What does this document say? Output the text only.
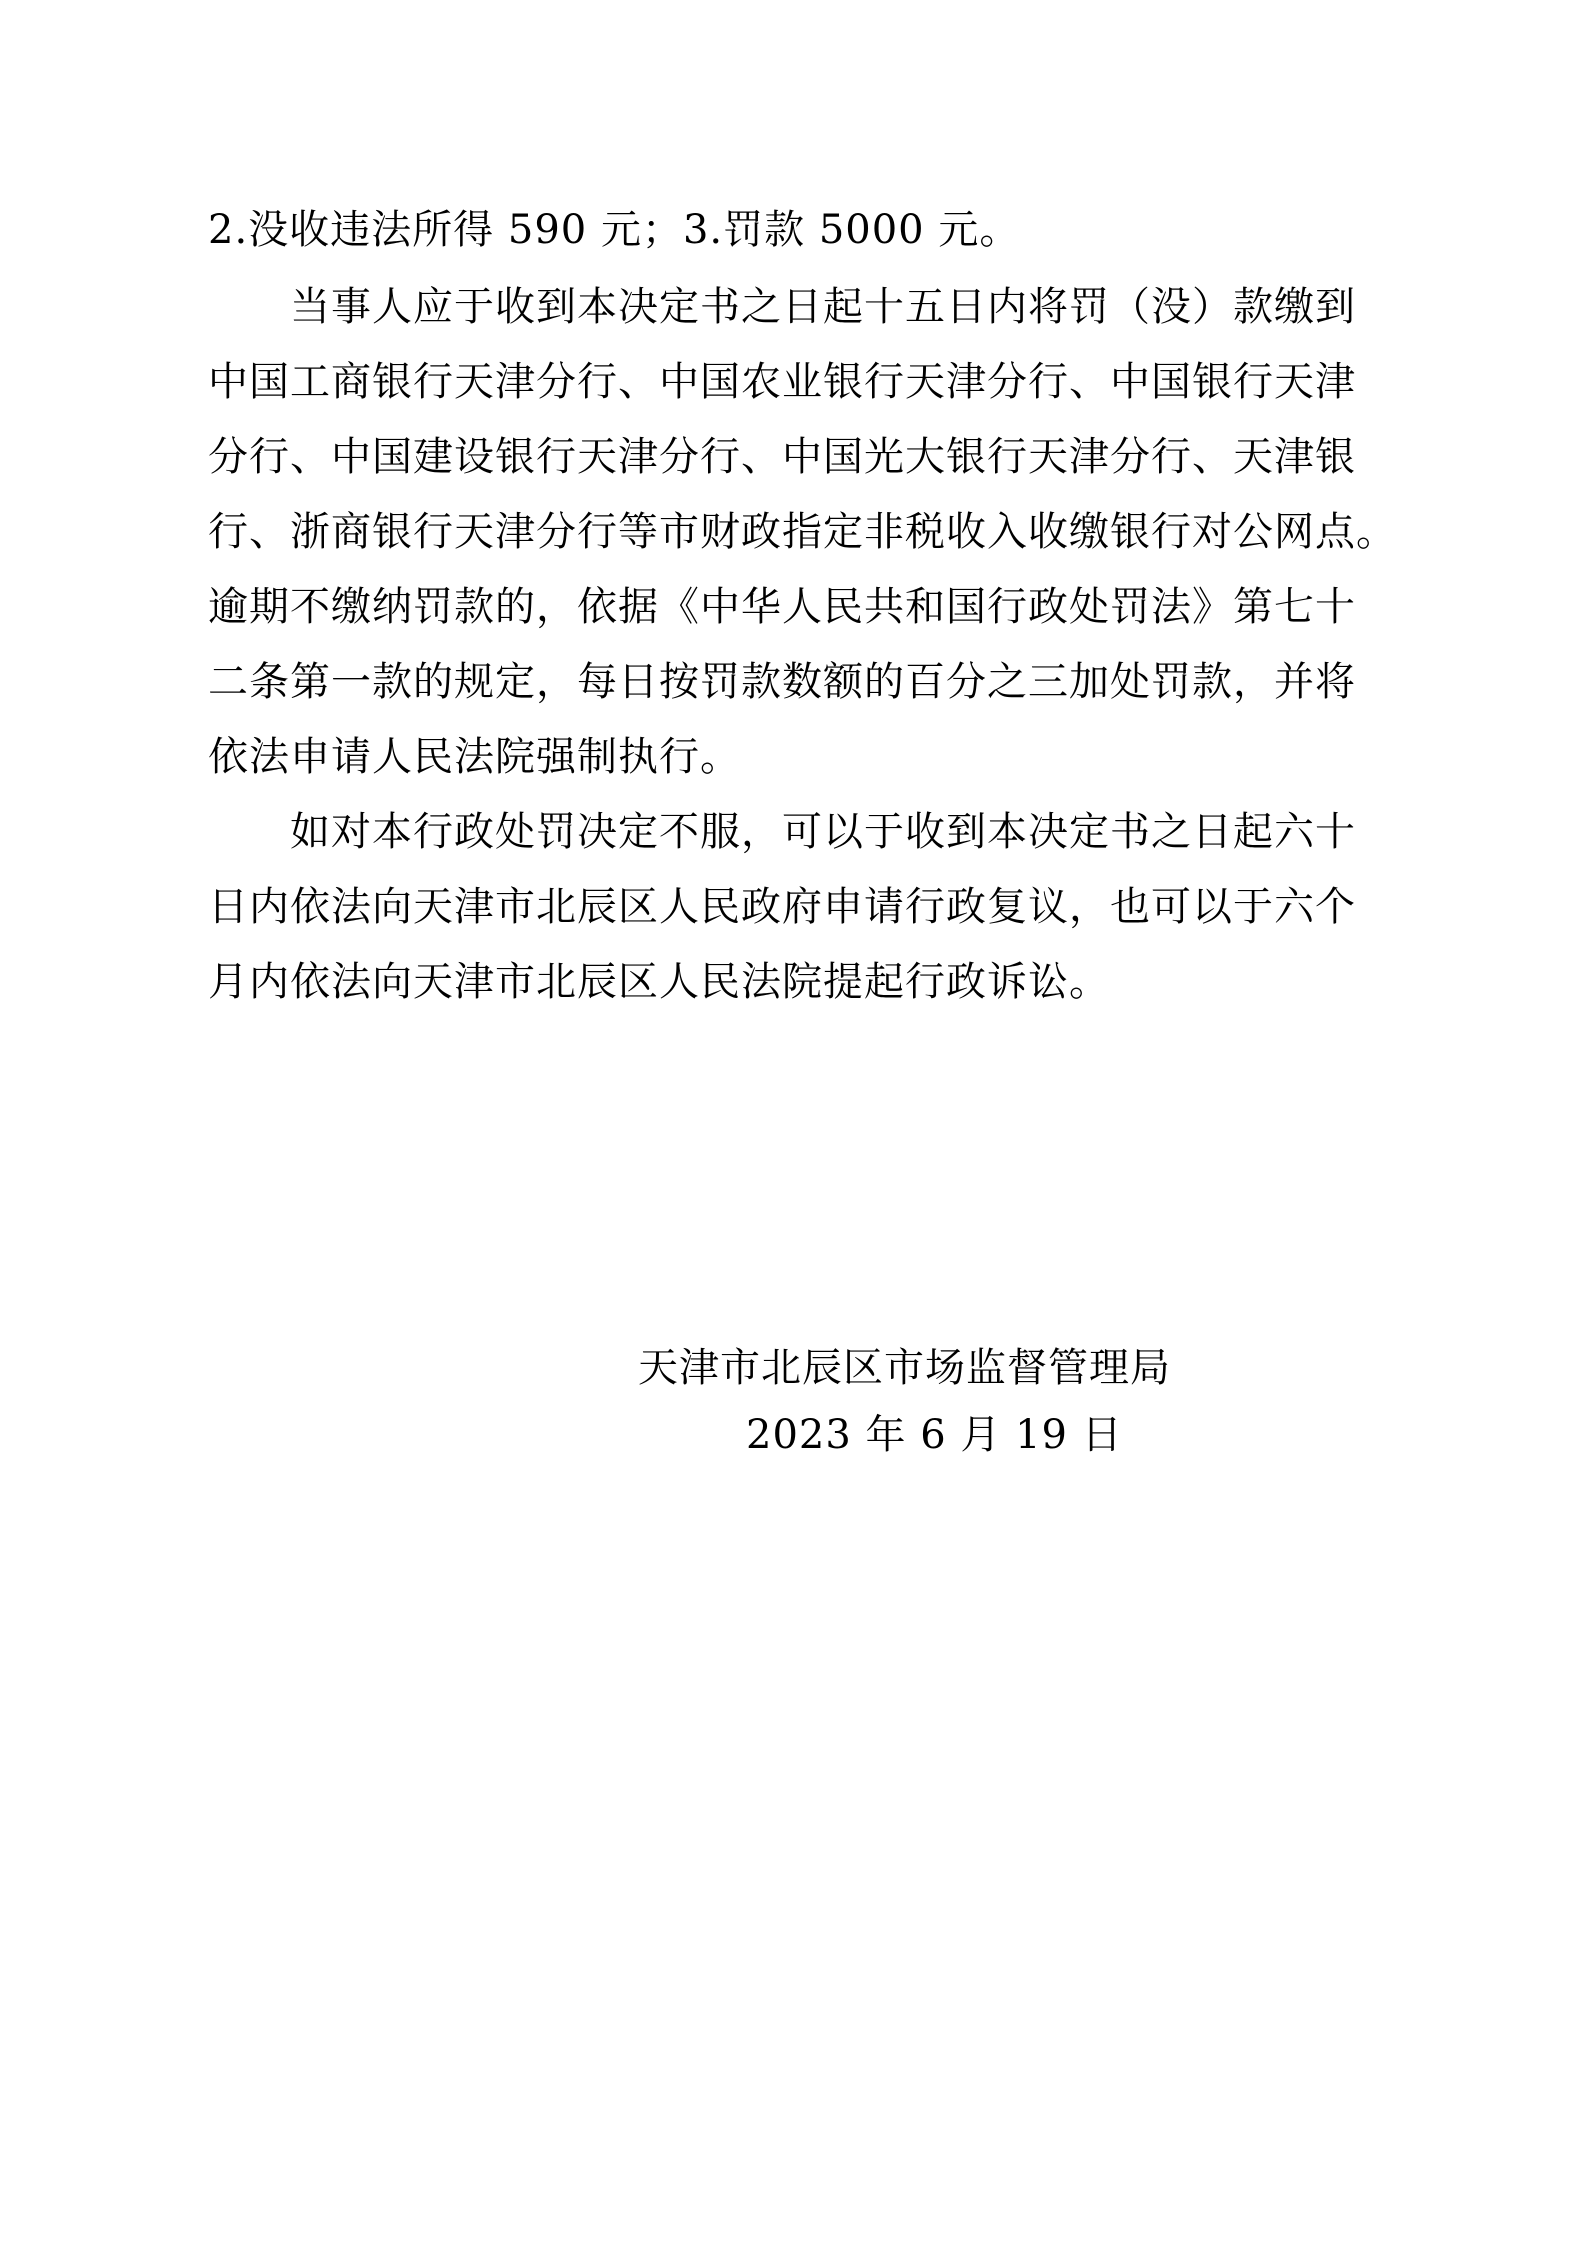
2.没收违法所得 590 元；3.罚款 5000 元。
当事人应于收到本决定书之日起十五日内将罚（没）款缴到
中国工商银行天津分行、中国农业银行天津分行、中国银行天津
分行、中国建设银行天津分行、中国光大银行天津分行、天津银
行、浙商银行天津分行等市财政指定非税收入收缴银行对公网点。
逾期不缴纳罚款的，依据《中华人民共和国行政处罚法》第七十
二条第一款的规定，每日按罚款数额的百分之三加处罚款，并将
依法申请人民法院强制执行。
如对本行政处罚决定不服，可以于收到本决定书之日起六十
日内依法向天津市北辰区人民政府申请行政复议，也可以于六个
月内依法向天津市北辰区人民法院提起行政诉讼。
天津市北辰区市场监督管理局
2023 年 6 月 19 日
